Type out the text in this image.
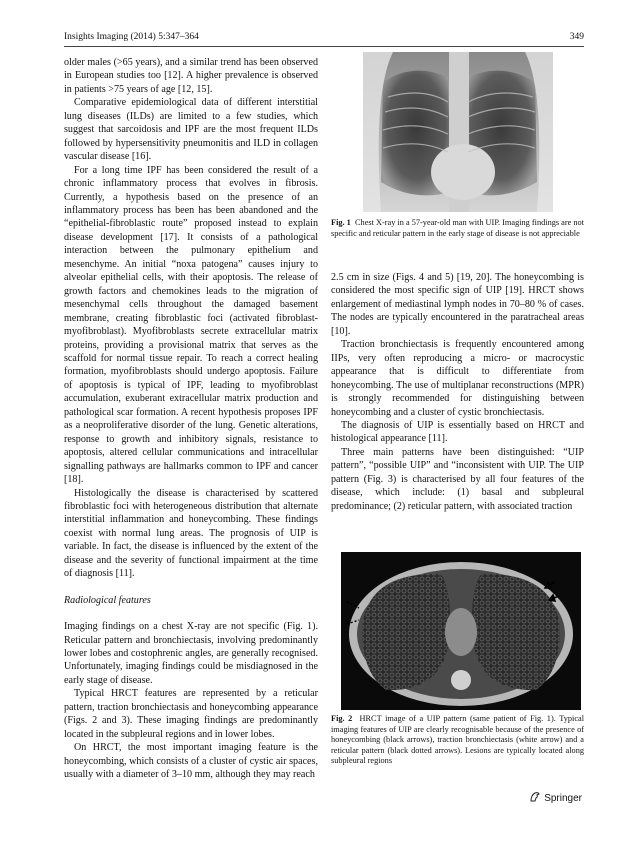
Insights Imaging (2014) 5:347–364	349

older males (>65 years), and a similar trend has been observed in European studies too [12]. A higher prevalence is observed in patients >75 years of age [12, 15].

Comparative epidemiological data of different interstitial lung diseases (ILDs) are limited to a few studies, which suggest that sarcoidosis and IPF are the most frequent ILDs followed by hypersensitivity pneumonitis and ILD in collagen vascular disease [16].

For a long time IPF has been considered the result of a chronic inflammatory process that evolves in fibrosis. Currently, a hypothesis based on the presence of an inflammatory process has been has been abandoned and the “epithelial-fibroblastic route” proposed instead to explain disease development [17]. It consists of a pathological interaction between the pulmonary epithelium and mesenchyme. An initial “noxa patogena” causes injury to alveolar epithelial cells, with their apoptosis. The release of growth factors and chemokines leads to the migration of mesenchymal cells throughout the damaged basement membrane, creating fibroblastic foci (activated fibroblast-myofibroblast). Myofibroblasts secrete extracellular matrix proteins, providing a provisional matrix that serves as the scaffold for normal tissue repair. To reach a correct healing formation, myofibroblasts should undergo apoptosis. Failure of apoptosis is typical of IPF, leading to myofibroblast accumulation, exuberant extracellular matrix production and pathological scar formation. A recent hypothesis proposes IPF as a neoproliferative disorder of the lung. Genetic alterations, response to growth and inhibitory signals, resistance to apoptosis, altered cellular communications and intracellular signalling pathways are hallmarks common to IPF and cancer [18].

Histologically the disease is characterised by scattered fibroblastic foci with heterogeneous distribution that alternate interstitial inflammation and honeycombing. These findings coexist with normal lung areas. The prognosis of UIP is variable. In fact, the disease is influenced by the extent of the disease and the severity of functional impairment at the time of diagnosis [11].

Radiological features

Imaging findings on a chest X-ray are not specific (Fig. 1). Reticular pattern and bronchiectasis, involving predominantly lower lobes and costophrenic angles, are generally recognised. Unfortunately, imaging findings could be misdiagnosed in the early stage of disease.

Typical HRCT features are represented by a reticular pattern, traction bronchiectasis and honeycombing appearance (Figs. 2 and 3). These imaging findings are predominantly located in the subpleural regions and in lower lobes.

On HRCT, the most important imaging feature is the honeycombing, which consists of a cluster of cystic air spaces, usually with a diameter of 3–10 mm, although they may reach

Fig. 1 Chest X-ray in a 57-year-old man with UIP. Imaging findings are not specific and reticular pattern in the early stage of disease is not appreciable

2.5 cm in size (Figs. 4 and 5) [19, 20]. The honeycombing is considered the most specific sign of UIP [19]. HRCT shows enlargement of mediastinal lymph nodes in 70–80 % of cases. The nodes are typically encountered in the paratracheal areas [10].

Traction bronchiectasis is frequently encountered among IIPs, very often reproducing a micro- or macrocystic appearance that is difficult to differentiate from honeycombing. The use of multiplanar reconstructions (MPR) is strongly recommended for distinguishing between honeycombing and a cluster of cystic bronchiectasis.

The diagnosis of UIP is essentially based on HRCT and histological appearance [11].

Three main patterns have been distinguished: “UIP pattern”, “possible UIP” and “inconsistent with UIP. The UIP pattern (Fig. 3) is characterised by all four features of the disease, which include: (1) basal and subpleural predominance; (2) reticular pattern, with associated traction

Fig. 2 HRCT image of a UIP pattern (same patient of Fig. 1). Typical imaging features of UIP are clearly recognisable because of the presence of honeycombing (black arrows), traction bronchiectasis (white arrow) and a reticular pattern (black dotted arrows). Lesions are typically located along subpleural regions
Springer
